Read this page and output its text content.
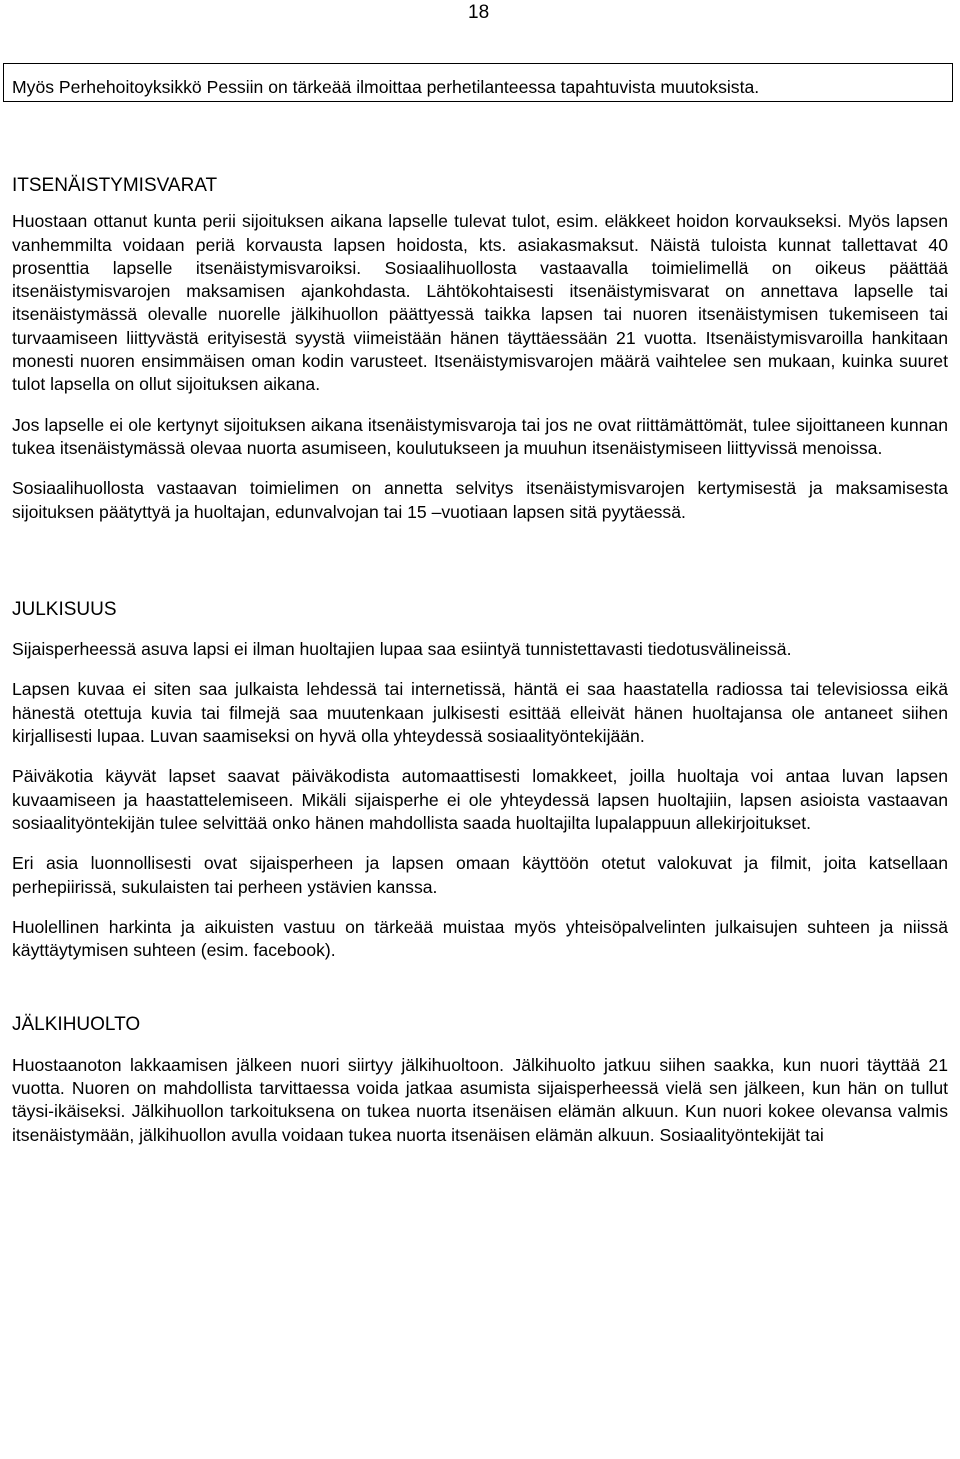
18
Myös Perhehoitoyksikkö Pessiin on tärkeää ilmoittaa perhetilanteessa tapahtuvista muutoksista.
ITSENÄISTYMISVARAT

Huostaan ottanut kunta perii sijoituksen aikana lapselle tulevat tulot, esim. eläkkeet hoidon korvaukseksi. Myös lapsen vanhemmilta voidaan periä korvausta lapsen hoidosta, kts. asiakasmaksut. Näistä tuloista kunnat tallettavat 40 prosenttia lapselle itsenäistymisvaroiksi. Sosiaalihuollosta vastaavalla toimielimellä on oikeus päättää itsenäistymisvarojen maksamisen ajankohdasta. Lähtökohtaisesti itsenäistymisvarat on annettava lapselle tai itsenäistymässä olevalle nuorelle jälkihuollon päättyessä taikka lapsen tai nuoren itsenäistymisen tukemiseen tai turvaamiseen liittyvästä erityisestä syystä viimeistään hänen täyttäessään 21 vuotta. Itsenäistymisvaroilla hankitaan monesti nuoren ensimmäisen oman kodin varusteet. Itsenäistymisvarojen määrä vaihtelee sen mukaan, kuinka suuret tulot lapsella on ollut sijoituksen aikana.

Jos lapselle ei ole kertynyt sijoituksen aikana itsenäistymisvaroja tai jos ne ovat riittämättömät, tulee sijoittaneen kunnan tukea itsenäistymässä olevaa nuorta asumiseen, koulutukseen ja muuhun itsenäistymiseen liittyvissä menoissa.

Sosiaalihuollosta vastaavan toimielimen on annetta selvitys itsenäistymisvarojen kertymisestä ja maksamisesta sijoituksen päätyttyä ja huoltajan, edunvalvojan tai 15 –vuotiaan lapsen sitä pyytäessä.

JULKISUUS

Sijaisperheessä asuva lapsi ei ilman huoltajien lupaa saa esiintyä tunnistettavasti tiedotusvälineissä.

Lapsen kuvaa ei siten saa julkaista lehdessä tai internetissä, häntä ei saa haastatella radiossa tai televisiossa eikä hänestä otettuja kuvia tai filmejä saa muutenkaan julkisesti esittää elleivät hänen huoltajansa ole antaneet siihen kirjallisesti lupaa. Luvan saamiseksi on hyvä olla yhteydessä sosiaalityöntekijään.

Päiväkotia käyvät lapset saavat päiväkodista automaattisesti lomakkeet, joilla huoltaja voi antaa luvan lapsen kuvaamiseen ja haastattelemiseen. Mikäli sijaisperhe ei ole yhteydessä lapsen huoltajiin, lapsen asioista vastaavan sosiaalityöntekijän tulee selvittää onko hänen mahdollista saada huoltajilta lupalappuun allekirjoitukset.

Eri asia luonnollisesti ovat sijaisperheen ja lapsen omaan käyttöön otetut valokuvat ja filmit, joita katsellaan perhepiirissä, sukulaisten tai perheen ystävien kanssa.

Huolellinen harkinta ja aikuisten vastuu on tärkeää muistaa myös yhteisöpalvelinten julkaisujen suhteen ja niissä käyttäytymisen suhteen (esim. facebook).

JÄLKIHUOLTO

Huostaanoton lakkaamisen jälkeen nuori siirtyy jälkihuoltoon. Jälkihuolto jatkuu siihen saakka, kun nuori täyttää 21 vuotta. Nuoren on mahdollista tarvittaessa voida jatkaa asumista sijaisperheessä vielä sen jälkeen, kun hän on tullut täysi-ikäiseksi. Jälkihuollon tarkoituksena on tukea nuorta itsenäisen elämän alkuun. Kun nuori kokee olevansa valmis itsenäistymään, jälkihuollon avulla voidaan tukea nuorta itsenäisen elämän alkuun. Sosiaalityöntekijät tai
